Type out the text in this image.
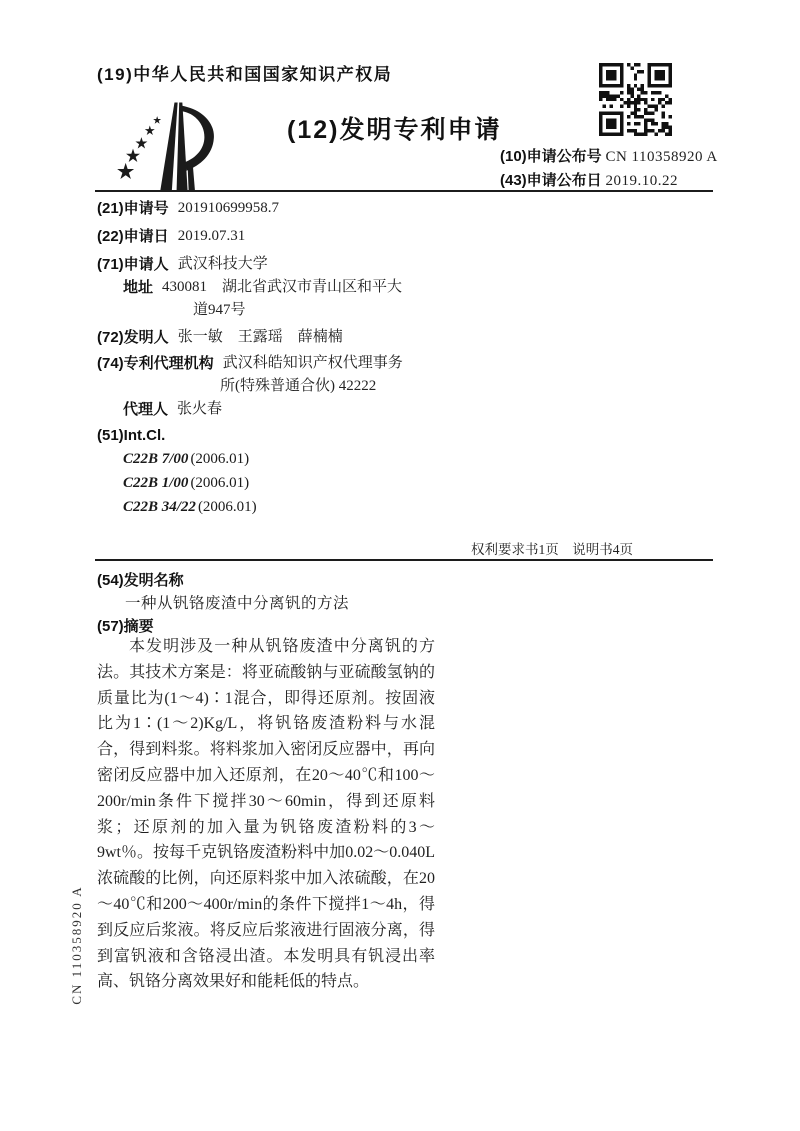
(19)中华人民共和国国家知识产权局
(12)发明专利申请
(10)申请公布号 CN 110358920 A
(43)申请公布日 2019.10.22
(21)申请号 201910699958.7
(22)申请日 2019.07.31
(71)申请人 武汉科技大学
地址 430081　湖北省武汉市青山区和平大
道947号
(72)发明人 张一敏　王露瑶　薛楠楠
(74)专利代理机构 武汉科皓知识产权代理事务
所(特殊普通合伙) 42222
代理人 张火春
(51)Int.Cl.
C22B 7/00 (2006.01)
C22B 1/00 (2006.01)
C22B 34/22 (2006.01)
权利要求书1页　说明书4页
(54)发明名称
一种从钒铬废渣中分离钒的方法
(57)摘要
本发明涉及一种从钒铬废渣中分离钒的方法。其技术方案是：将亚硫酸钠与亚硫酸氢钠的质量比为(1～4)∶1混合，即得还原剂。按固液比为1∶(1～2)Kg/L，将钒铬废渣粉料与水混合，得到料浆。将料浆加入密闭反应器中，再向密闭反应器中加入还原剂，在20～40℃和100～200r/min条件下搅拌30～60min，得到还原料浆；还原剂的加入量为钒铬废渣粉料的3～9wt％。按每千克钒铬废渣粉料中加0.02～0.040L浓硫酸的比例，向还原料浆中加入浓硫酸，在20～40℃和200～400r/min的条件下搅拌1～4h，得到反应后浆液。将反应后浆液进行固液分离，得到富钒液和含铬浸出渣。本发明具有钒浸出率高、钒铬分离效果好和能耗低的特点。
CN 110358920 A
